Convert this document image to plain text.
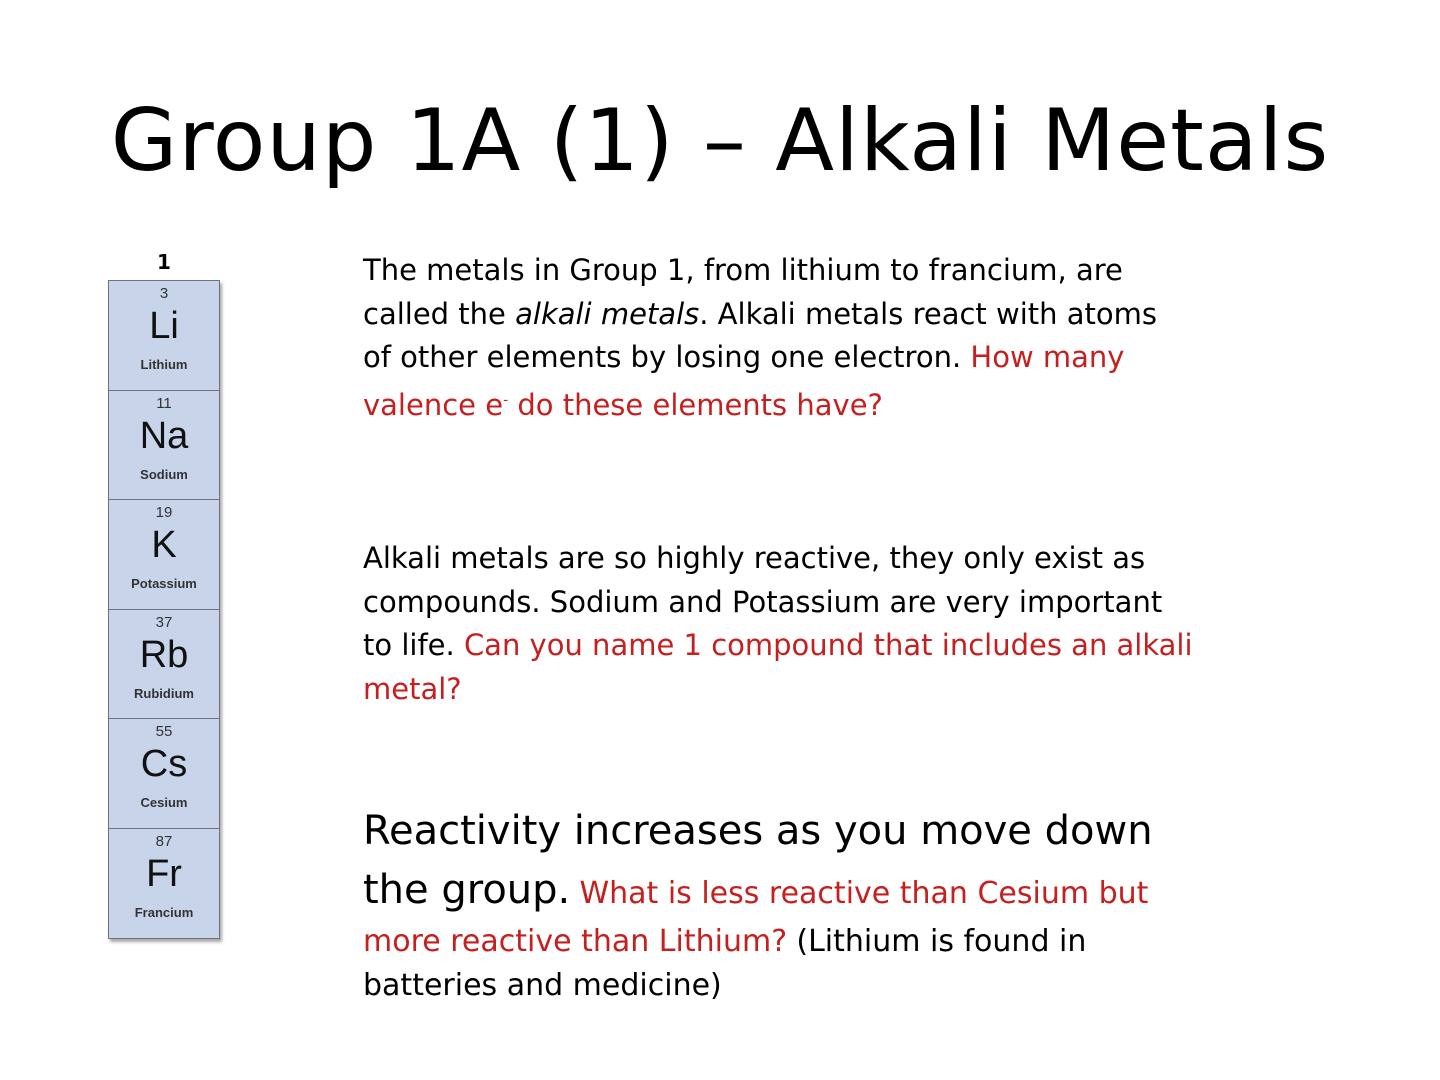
Group 1A (1) – Alkali Metals
1
3
Li
Lithium
11
Na
Sodium
19
K
Potassium
37
Rb
Rubidium
55
Cs
Cesium
87
Fr
Francium
The metals in Group 1, from lithium to francium, are called the alkali metals. Alkali metals react with atoms of other elements by losing one electron. How many valence e- do these elements have?
Alkali metals are so highly reactive, they only exist as compounds. Sodium and Potassium are very important to life. Can you name 1 compound that includes an alkali metal?
Reactivity increases as you move down the group. What is less reactive than Cesium but more reactive than Lithium? (Lithium is found in batteries and medicine)
